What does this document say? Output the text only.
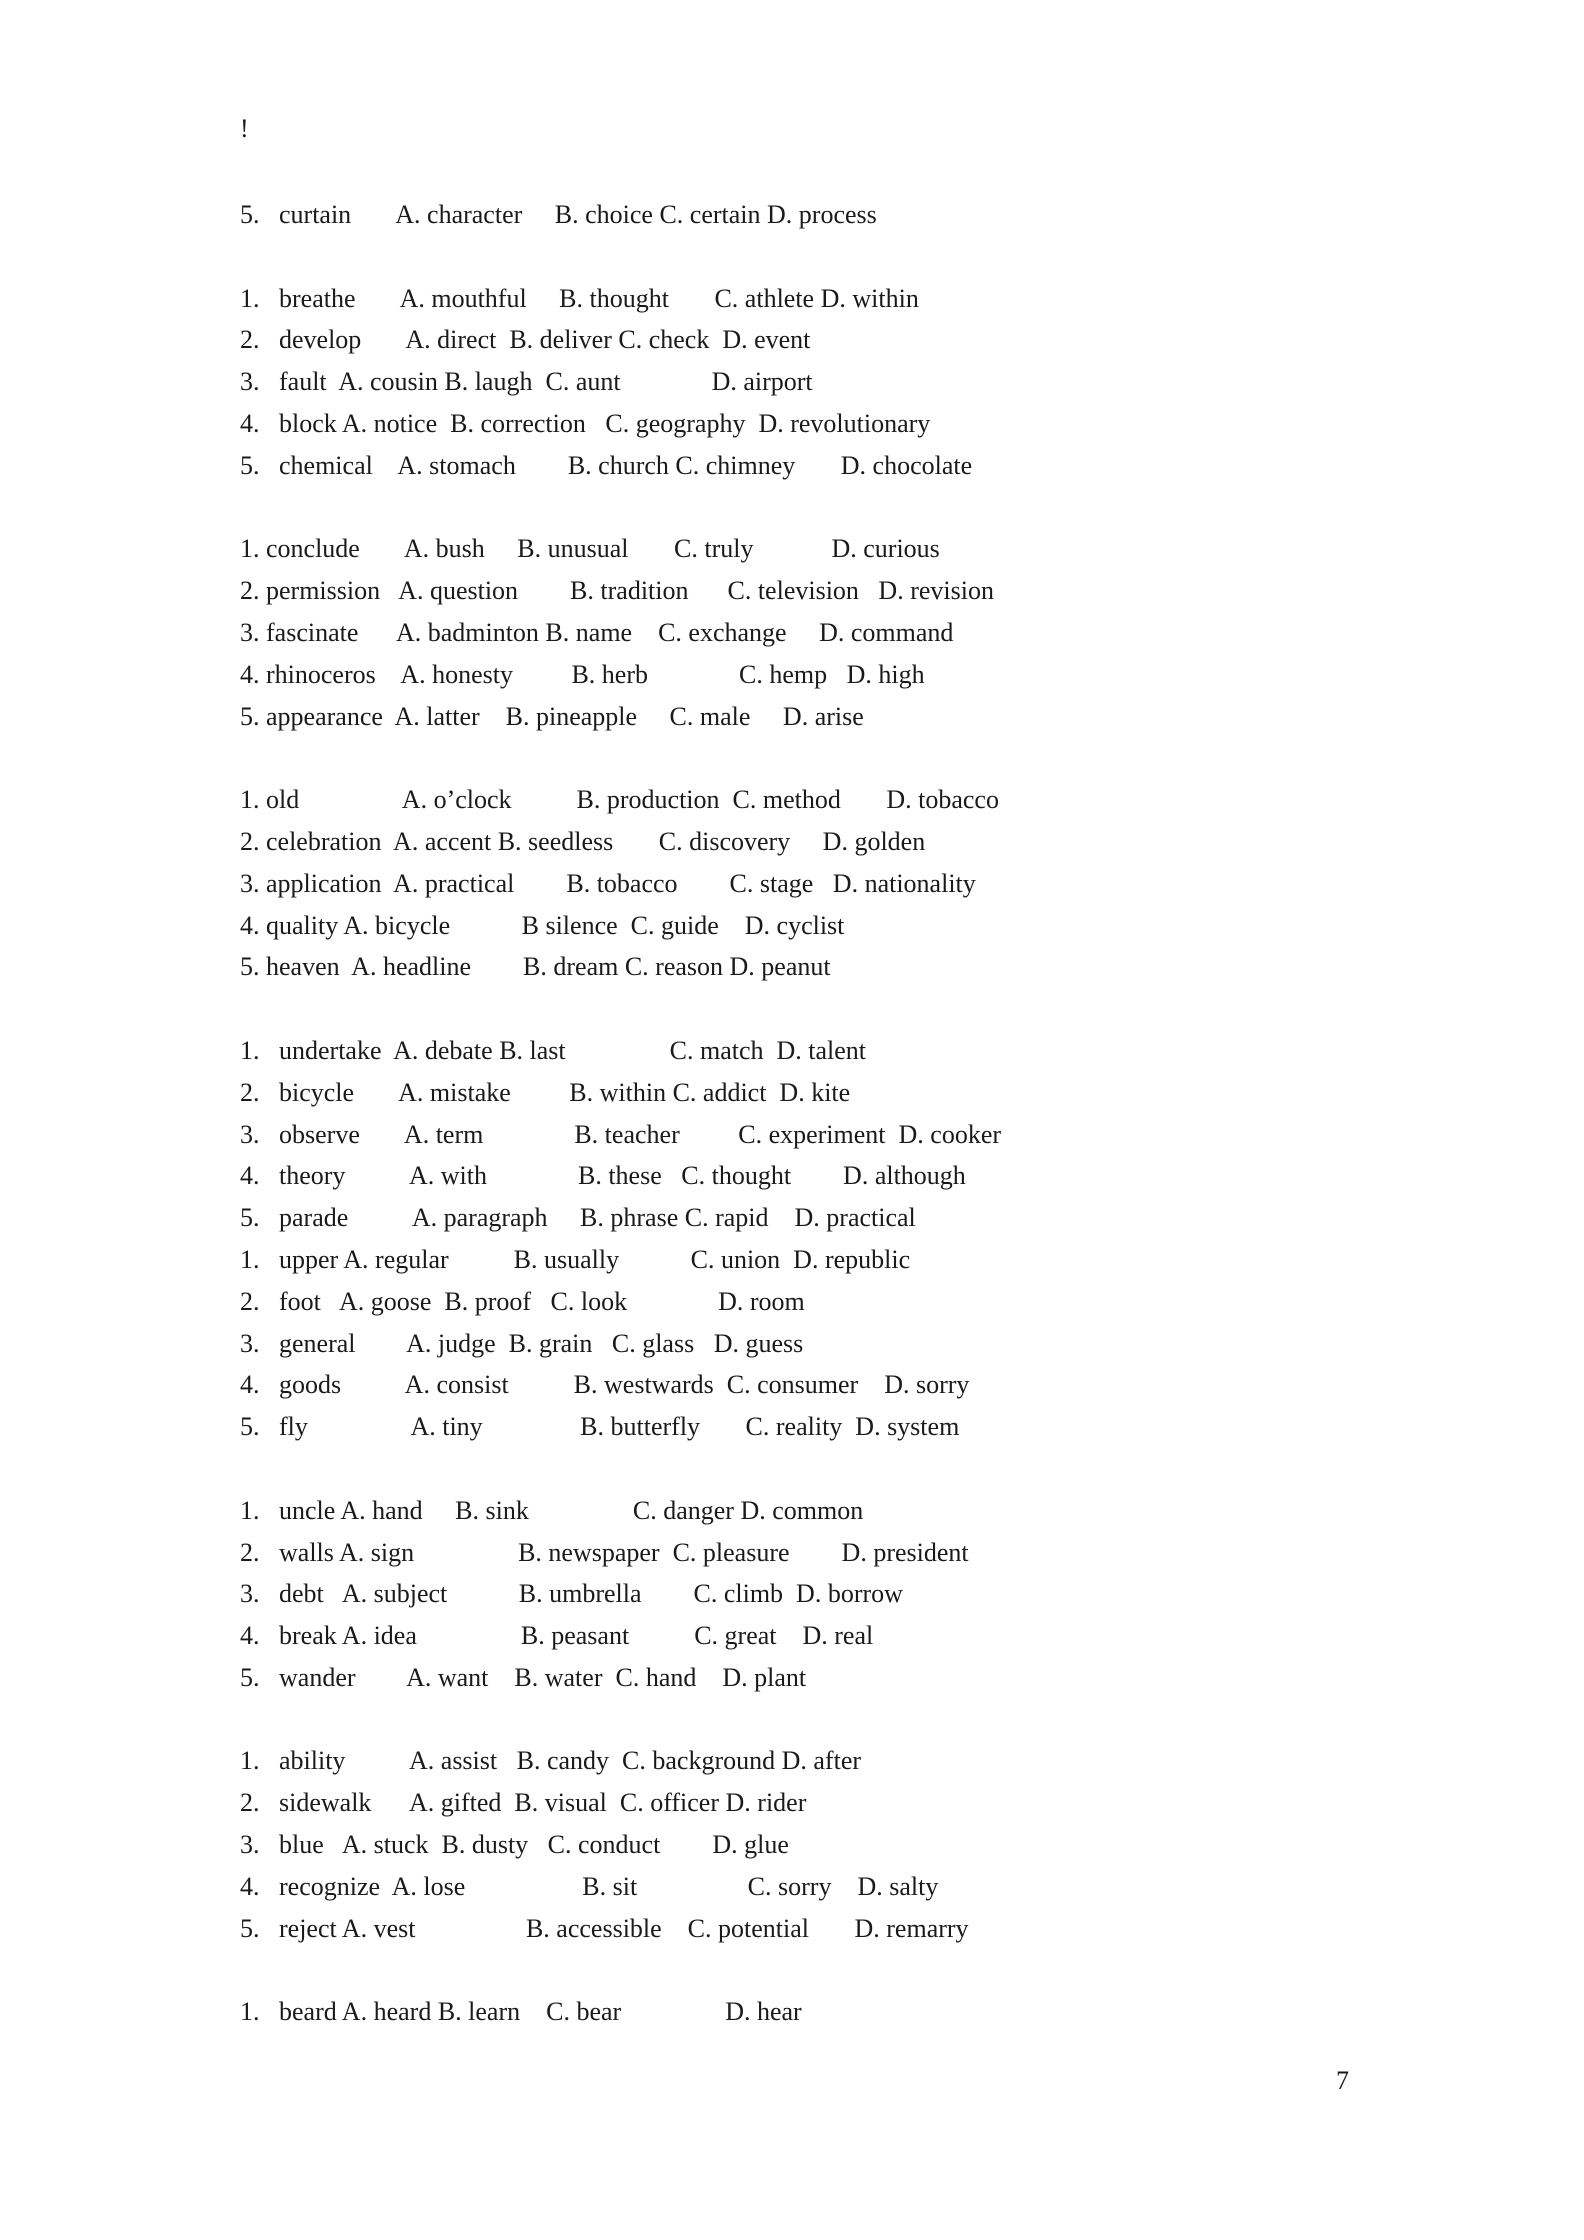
!
5.   curtain       A. character     B. choice C. certain D. process
1.   breathe       A. mouthful     B. thought       C. athlete D. within
2.   develop       A. direct  B. deliver C. check  D. event
3.   fault  A. cousin B. laugh  C. aunt              D. airport
4.   block A. notice  B. correction   C. geography  D. revolutionary
5.   chemical    A. stomach        B. church C. chimney       D. chocolate
1. conclude       A. bush     B. unusual       C. truly            D. curious
2. permission   A. question        B. tradition      C. television   D. revision
3. fascinate      A. badminton B. name    C. exchange     D. command
4. rhinoceros    A. honesty         B. herb              C. hemp   D. high
5. appearance  A. latter    B. pineapple     C. male     D. arise
1. old                A. o’clock          B. production  C. method       D. tobacco
2. celebration  A. accent B. seedless       C. discovery     D. golden
3. application  A. practical        B. tobacco        C. stage   D. nationality
4. quality A. bicycle           B silence  C. guide    D. cyclist
5. heaven  A. headline        B. dream C. reason D. peanut
1.   undertake  A. debate B. last                C. match  D. talent
2.   bicycle       A. mistake         B. within C. addict  D. kite
3.   observe       A. term              B. teacher         C. experiment  D. cooker
4.   theory          A. with              B. these   C. thought        D. although
5.   parade          A. paragraph     B. phrase C. rapid    D. practical
1.   upper A. regular          B. usually           C. union  D. republic
2.   foot   A. goose  B. proof   C. look              D. room
3.   general        A. judge  B. grain   C. glass   D. guess
4.   goods          A. consist          B. westwards  C. consumer    D. sorry
5.   fly                A. tiny               B. butterfly       C. reality  D. system
1.   uncle A. hand     B. sink                C. danger D. common
2.   walls A. sign                B. newspaper  C. pleasure        D. president
3.   debt   A. subject           B. umbrella        C. climb  D. borrow
4.   break A. idea                B. peasant          C. great    D. real
5.   wander        A. want    B. water  C. hand    D. plant
1.   ability          A. assist   B. candy  C. background D. after
2.   sidewalk      A. gifted  B. visual  C. officer D. rider
3.   blue   A. stuck  B. dusty   C. conduct        D. glue
4.   recognize  A. lose                  B. sit                 C. sorry    D. salty
5.   reject A. vest                 B. accessible    C. potential       D. remarry
1.   beard A. heard B. learn    C. bear                D. hear
7
